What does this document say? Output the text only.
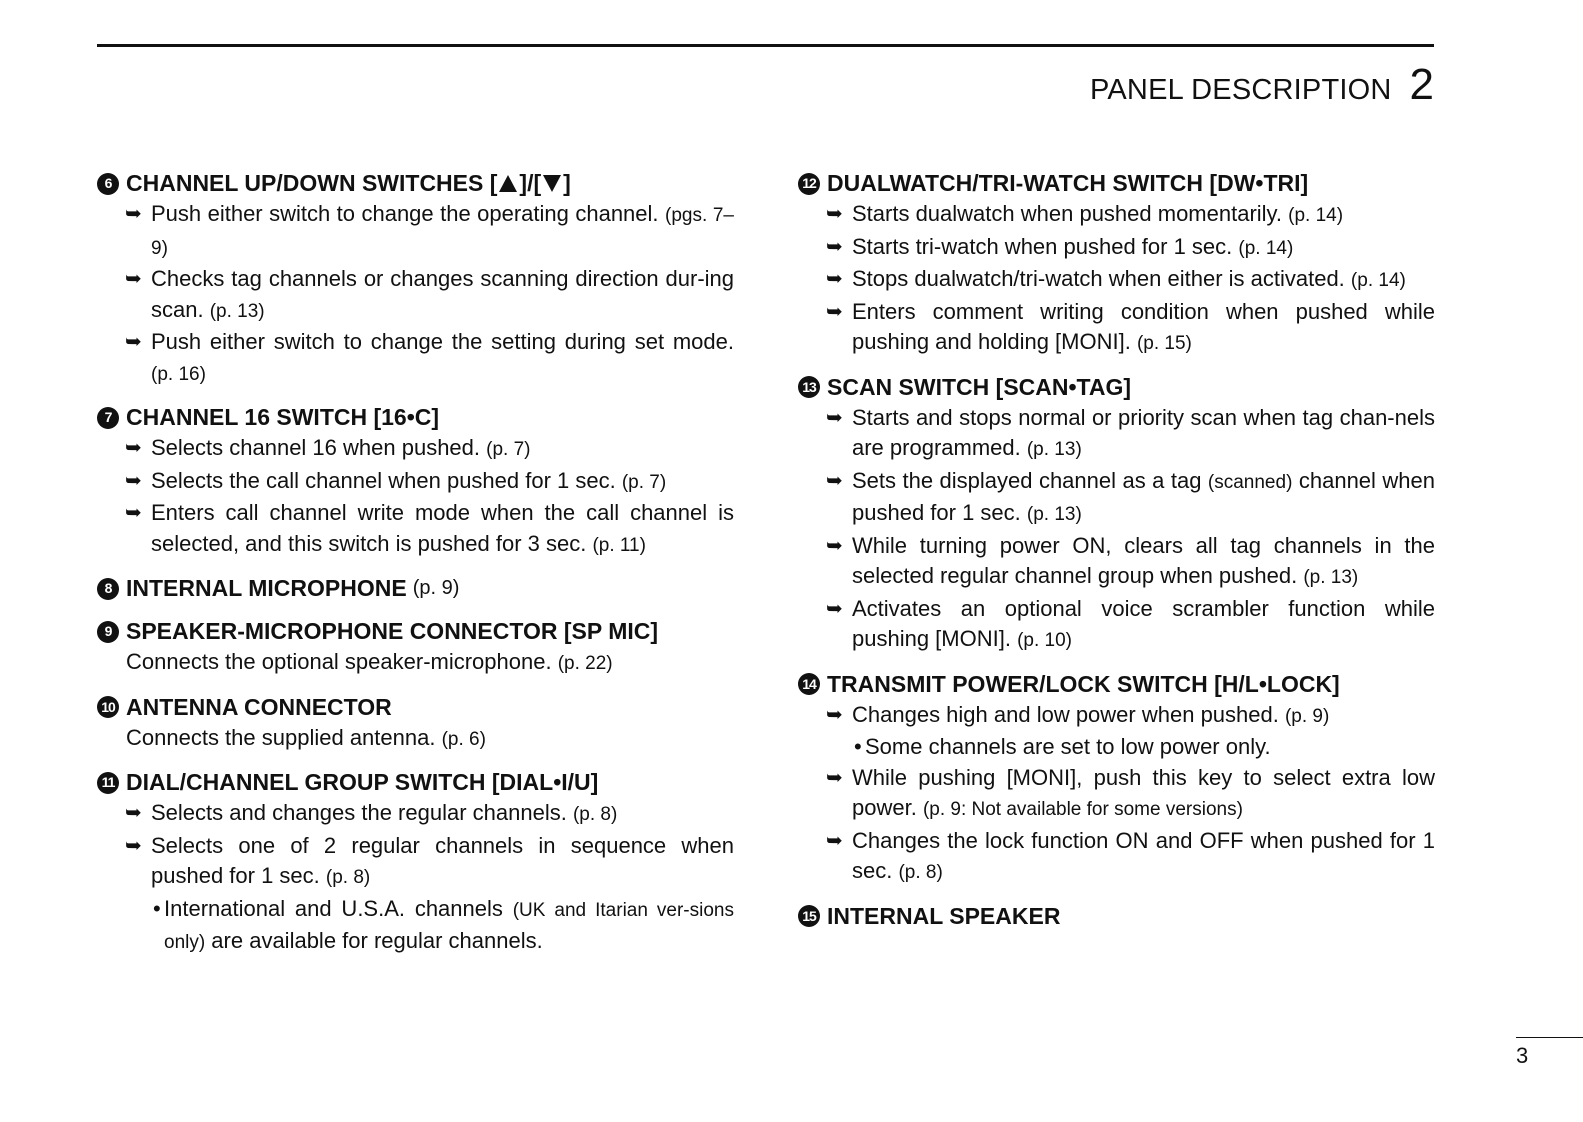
PANEL DESCRIPTION 2
6 CHANNEL UP/DOWN SWITCHES [ ]/[ ]
➥ Push either switch to change the operating channel. (pgs. 7–9)
➥ Checks tag channels or changes scanning direction dur-ing scan. (p. 13)
➥ Push either switch to change the setting during set mode. (p. 16)
7 CHANNEL 16 SWITCH [16•C]
➥ Selects channel 16 when pushed. (p. 7)
➥ Selects the call channel when pushed for 1 sec. (p. 7)
➥ Enters call channel write mode when the call channel is selected, and this switch is pushed for 3 sec. (p. 11)
8 INTERNAL MICROPHONE (p. 9)
9 SPEAKER-MICROPHONE CONNECTOR [SP MIC]
Connects the optional speaker-microphone. (p. 22)
10 ANTENNA CONNECTOR
Connects the supplied antenna. (p. 6)
11 DIAL/CHANNEL GROUP SWITCH [DIAL•I/U]
➥ Selects and changes the regular channels. (p. 8)
➥ Selects one of 2 regular channels in sequence when pushed for 1 sec. (p. 8)
• International and U.S.A. channels (UK and Itarian ver-sions only) are available for regular channels.
12 DUALWATCH/TRI-WATCH SWITCH [DW•TRI]
➥ Starts dualwatch when pushed momentarily. (p. 14)
➥ Starts tri-watch when pushed for 1 sec. (p. 14)
➥ Stops dualwatch/tri-watch when either is activated. (p. 14)
➥ Enters comment writing condition when pushed while pushing and holding [MONI]. (p. 15)
13 SCAN SWITCH [SCAN•TAG]
➥ Starts and stops normal or priority scan when tag chan-nels are programmed. (p. 13)
➥ Sets the displayed channel as a tag (scanned) channel when pushed for 1 sec. (p. 13)
➥ While turning power ON, clears all tag channels in the selected regular channel group when pushed. (p. 13)
➥ Activates an optional voice scrambler function while pushing [MONI]. (p. 10)
14 TRANSMIT POWER/LOCK SWITCH [H/L•LOCK]
➥ Changes high and low power when pushed. (p. 9)
• Some channels are set to low power only.
➥ While pushing [MONI], push this key to select extra low power. (p. 9: Not available for some versions)
➥ Changes the lock function ON and OFF when pushed for 1 sec. (p. 8)
15 INTERNAL SPEAKER
3
